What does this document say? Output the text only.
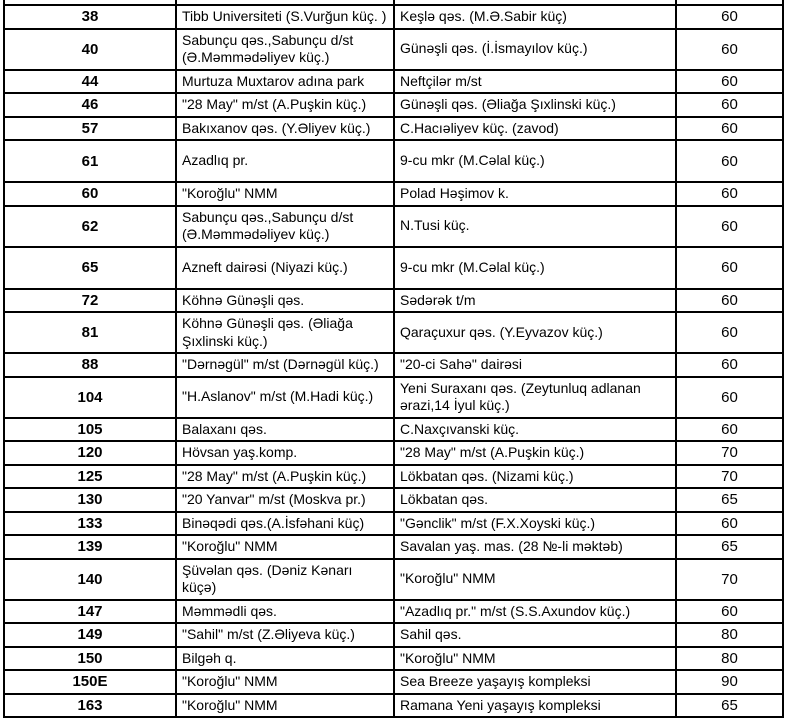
38	Tibb Universiteti (S.Vurğun küç. )	Keşlə qəs. (M.Ə.Sabir küç)	60
40	Sabunçu qəs.,Sabunçu d/st (Ə.Məmmədəliyev küç.)	Günəşli qəs. (İ.İsmayılov küç.)	60
44	Murtuza Muxtarov adına park	Neftçilər m/st	60
46	"28 May" m/st (A.Puşkin küç.)	Günəşli qəs. (Əliağa Şıxlinski küç.)	60
57	Bakıxanov qəs. (Y.Əliyev küç.)	C.Hacıəliyev küç. (zavod)	60
61	Azadlıq pr.	9-cu mkr (M.Cəlal küç.)	60
60	"Koroğlu" NMM	Polad Həşimov k.	60
62	Sabunçu qəs.,Sabunçu d/st (Ə.Məmmədəliyev küç.)	N.Tusi küç.	60
65	Azneft dairəsi (Niyazi küç.)	9-cu mkr (M.Cəlal küç.)	60
72	Köhnə Günəşli qəs.	Sədərək t/m	60
81	Köhnə Günəşli qəs. (Əliağa Şıxlinski küç.)	Qaraçuxur qəs. (Y.Eyvazov küç.)	60
88	"Dərnəgül" m/st (Dərnəgül küç.)	"20-ci Sahə" dairəsi	60
104	"H.Aslanov" m/st (M.Hadi küç.)	Yeni Suraxanı qəs. (Zeytunluq adlanan ərazi,14 İyul küç.)	60
105	Balaxanı qəs.	C.Naxçıvanski küç.	60
120	Hövsan yaş.komp.	"28 May" m/st (A.Puşkin küç.)	70
125	"28 May" m/st (A.Puşkin küç.)	Lökbatan qəs. (Nizami küç.)	70
130	"20 Yanvar" m/st (Moskva pr.)	Lökbatan qəs.	65
133	Binəqədi qəs.(A.İsfəhani küç)	"Gənclik" m/st (F.X.Xoyski küç.)	60
139	"Koroğlu" NMM	Savalan yaş. mas. (28 №-li məktəb)	65
140	Şüvəlan qəs. (Dəniz Kənarı küçə)	"Koroğlu" NMM	70
147	Məmmədli qəs.	"Azadlıq pr." m/st (S.S.Axundov küç.)	60
149	"Sahil" m/st (Z.Əliyeva küç.)	Sahil qəs.	80
150	Bilgəh q.	"Koroğlu" NMM	80
150E	"Koroğlu" NMM	Sea Breeze yaşayış kompleksi	90
163	"Koroğlu" NMM	Ramana Yeni yaşayış kompleksi	65
